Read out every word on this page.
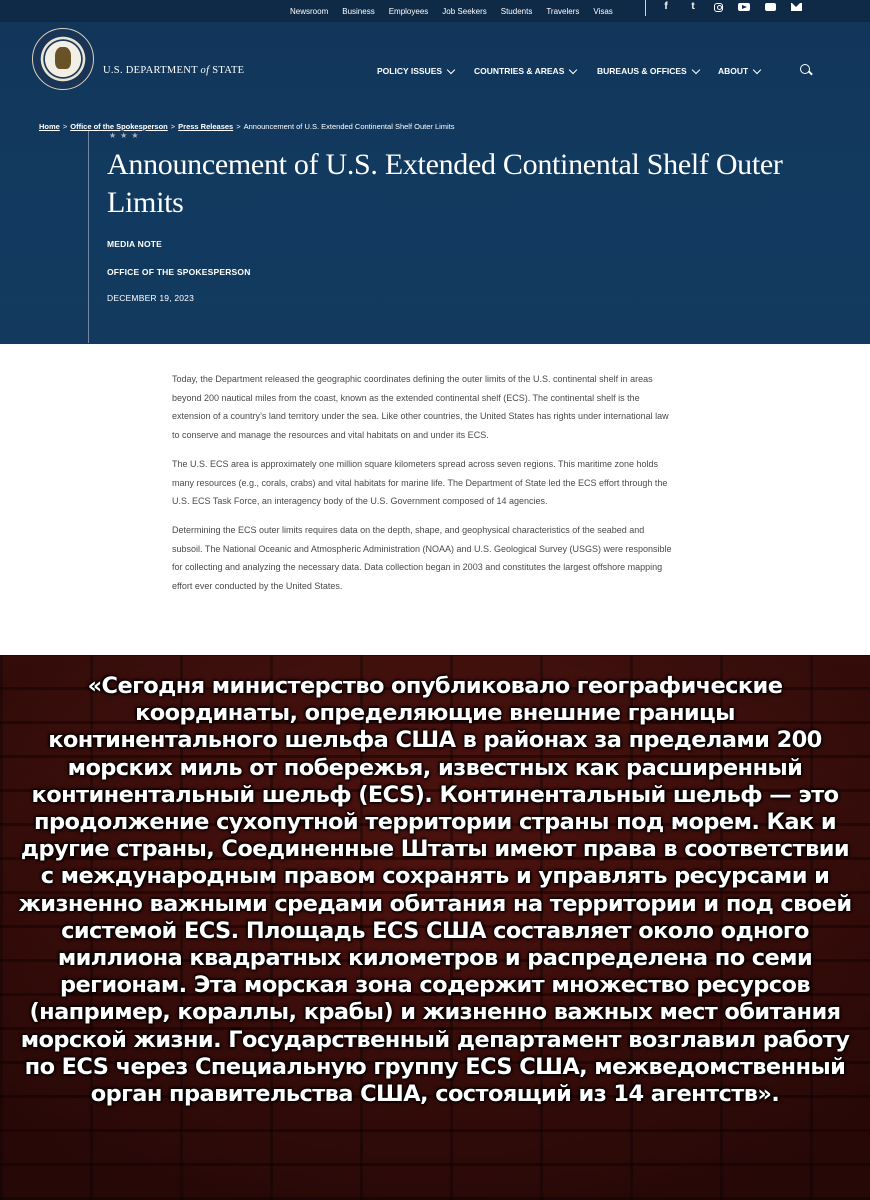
Newsroom Business Employees Job Seekers Students Travelers Visas	f	t
U.S. DEPARTMENT of STATE	POLICY ISSUES	COUNTRIES & AREAS	BUREAUS & OFFICES	ABOUT
Home > Office of the Spokesperson > Press Releases > Announcement of U.S. Extended Continental Shelf Outer Limits
★★★
Announcement of U.S. Extended Continental Shelf Outer Limits
MEDIA NOTE
OFFICE OF THE SPOKESPERSON
DECEMBER 19, 2023

Today, the Department released the geographic coordinates defining the outer limits of the U.S. continental shelf in areas beyond 200 nautical miles from the coast, known as the extended continental shelf (ECS). The continental shelf is the extension of a country’s land territory under the sea. Like other countries, the United States has rights under international law to conserve and manage the resources and vital habitats on and under its ECS.

The U.S. ECS area is approximately one million square kilometers spread across seven regions. This maritime zone holds many resources (e.g., corals, crabs) and vital habitats for marine life. The Department of State led the ECS effort through the U.S. ECS Task Force, an interagency body of the U.S. Government composed of 14 agencies.

Determining the ECS outer limits requires data on the depth, shape, and geophysical characteristics of the seabed and subsoil. The National Oceanic and Atmospheric Administration (NOAA) and U.S. Geological Survey (USGS) were responsible for collecting and analyzing the necessary data. Data collection began in 2003 and constitutes the largest offshore mapping effort ever conducted by the United States.

«Сегодня министерство опубликовало географические координаты, определяющие внешние границы континентального шельфа США в районах за пределами 200 морских миль от побережья, известных как расширенный континентальный шельф (ECS). Континентальный шельф — это продолжение сухопутной территории страны под морем. Как и другие страны, Соединенные Штаты имеют права в соответствии с международным правом сохранять и управлять ресурсами и жизненно важными средами обитания на территории и под своей системой ECS. Площадь ECS США составляет около одного миллиона квадратных километров и распределена по семи регионам. Эта морская зона содержит множество ресурсов (например, кораллы, крабы) и жизненно важных мест обитания морской жизни. Государственный департамент возглавил работу по ECS через Специальную группу ECS США, межведомственный орган правительства США, состоящий из 14 агентств».
